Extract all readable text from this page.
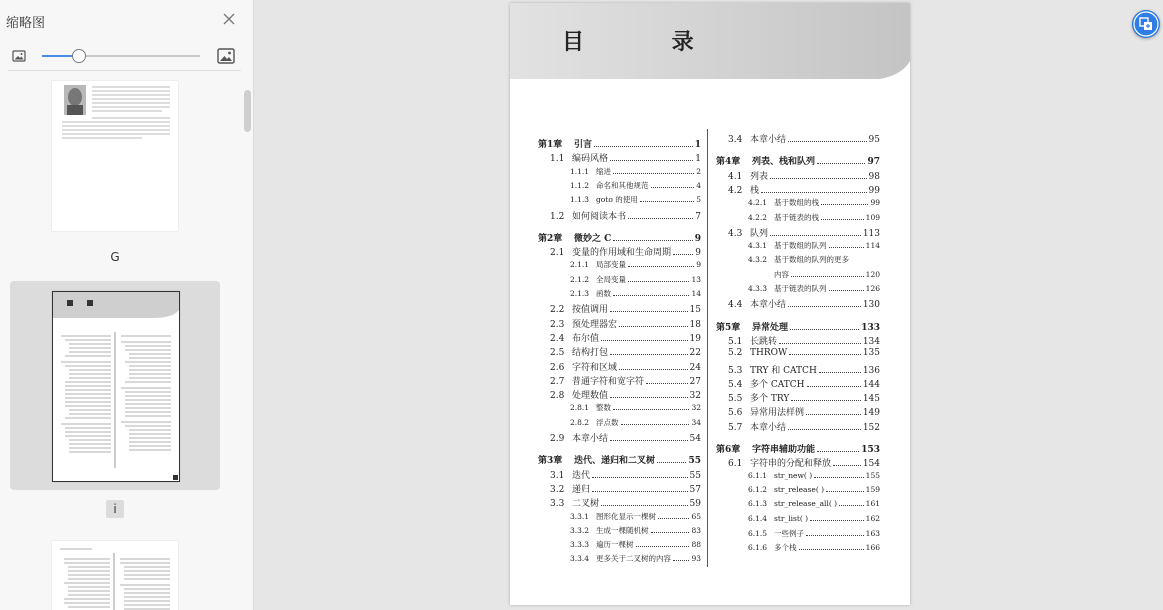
缩略图
G
i
目 录
第1章	引言	1
1.1 编码风格	1
1.1.1 缩进	2
1.1.2 命名和其他规范	4
1.1.3 goto 的使用	5
1.2 如何阅读本书	7
第2章	微妙之 C	9
2.1 变量的作用域和生命周期	9
2.1.1 局部变量	9
2.1.2 全局变量	13
2.1.3 函数	14
2.2 按值调用	15
2.3 预处理器宏	18
2.4 布尔值	19
2.5 结构打包	22
2.6 字符和区域	24
2.7 普通字符和宽字符	27
2.8 处理数值	32
2.8.1 整数	32
2.8.2 浮点数	34
2.9 本章小结	54
第3章	迭代、递归和二叉树	55
3.1 迭代	55
3.2 递归	57
3.3 二叉树	59
3.3.1 图形化显示一棵树	65
3.3.2 生成一棵随机树	83
3.3.3 遍历一棵树	88
3.3.4 更多关于二叉树的内容	93
3.4 本章小结	95
第4章	列表、栈和队列	97
4.1 列表	98
4.2 栈	99
4.2.1 基于数组的栈	99
4.2.2 基于链表的栈	109
4.3 队列	113
4.3.1 基于数组的队列	114
4.3.2 基于数组的队列的更多
内容	120
4.3.3 基于链表的队列	126
4.4 本章小结	130
第5章	异常处理	133
5.1 长跳转	134
5.2 THROW	135
5.3 TRY 和 CATCH	136
5.4 多个 CATCH	144
5.5 多个 TRY	145
5.6 异常用法样例	149
5.7 本章小结	152
第6章	字符串辅助功能	153
6.1 字符串的分配和释放	154
6.1.1 str_new( )	155
6.1.2 str_release( )	159
6.1.3 str_release_all( )	161
6.1.4 str_list( )	162
6.1.5 一些例子	163
6.1.6 多个栈	166
